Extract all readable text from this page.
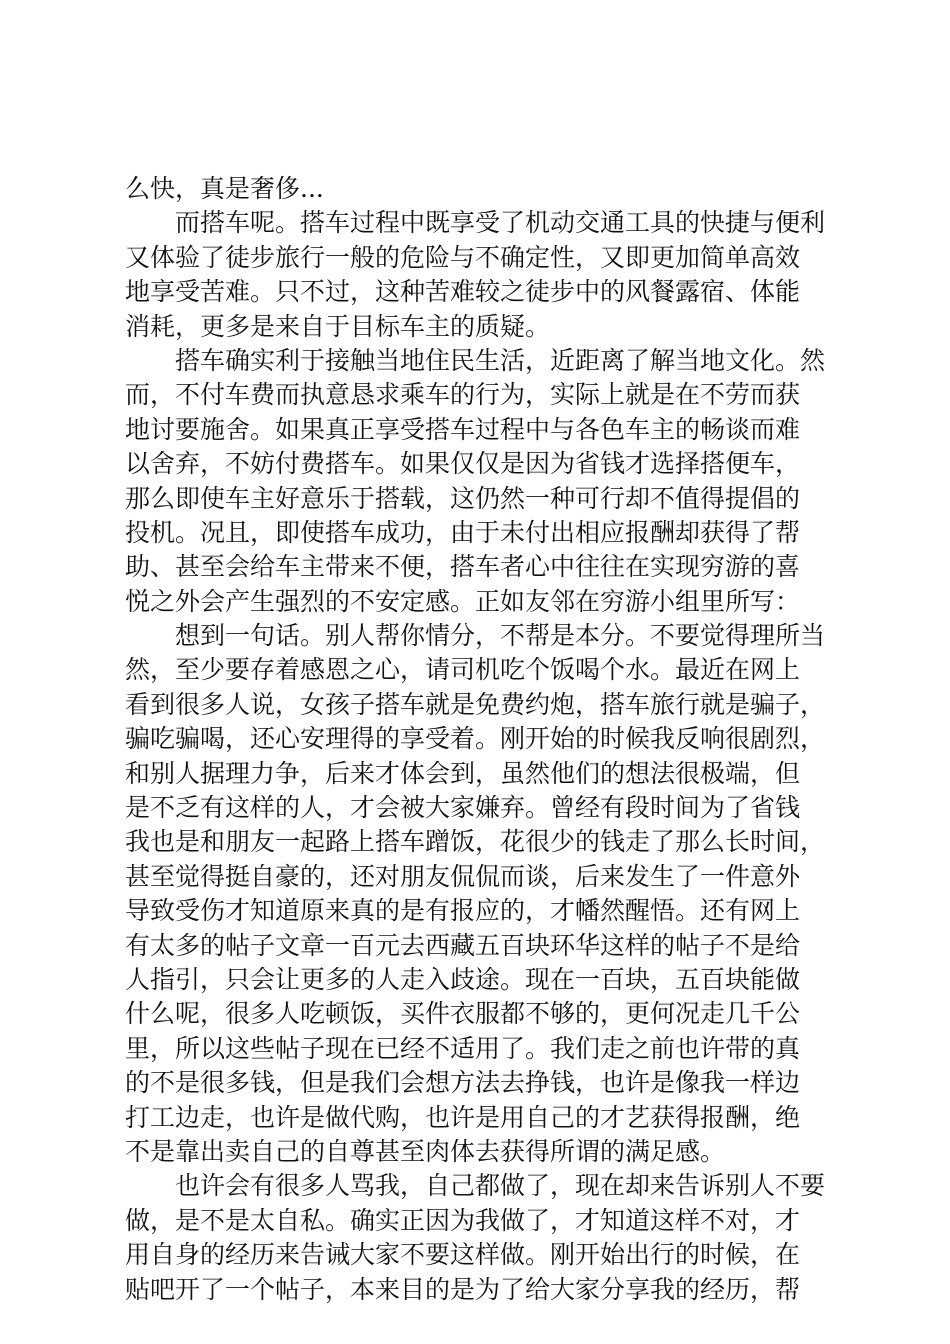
么快，真是奢侈...
　　而搭车呢。搭车过程中既享受了机动交通工具的快捷与便利
又体验了徒步旅行一般的危险与不确定性，又即更加简单高效
地享受苦难。只不过，这种苦难较之徒步中的风餐露宿、体能
消耗，更多是来自于目标车主的质疑。
　　搭车确实利于接触当地住民生活，近距离了解当地文化。然
而，不付车费而执意恳求乘车的行为，实际上就是在不劳而获
地讨要施舍。如果真正享受搭车过程中与各色车主的畅谈而难
以舍弃，不妨付费搭车。如果仅仅是因为省钱才选择搭便车，
那么即使车主好意乐于搭载，这仍然一种可行却不值得提倡的
投机。况且，即使搭车成功，由于未付出相应报酬却获得了帮
助、甚至会给车主带来不便，搭车者心中往往在实现穷游的喜
悦之外会产生强烈的不安定感。正如友邻在穷游小组里所写：
　　想到一句话。别人帮你情分，不帮是本分。不要觉得理所当
然，至少要存着感恩之心，请司机吃个饭喝个水。最近在网上
看到很多人说，女孩子搭车就是免费约炮，搭车旅行就是骗子，
骗吃骗喝，还心安理得的享受着。刚开始的时候我反响很剧烈，
和别人据理力争，后来才体会到，虽然他们的想法很极端，但
是不乏有这样的人，才会被大家嫌弃。曾经有段时间为了省钱
我也是和朋友一起路上搭车蹭饭，花很少的钱走了那么长时间，
甚至觉得挺自豪的，还对朋友侃侃而谈，后来发生了一件意外
导致受伤才知道原来真的是有报应的，才幡然醒悟。还有网上
有太多的帖子文章一百元去西藏五百块环华这样的帖子不是给
人指引，只会让更多的人走入歧途。现在一百块，五百块能做
什么呢，很多人吃顿饭，买件衣服都不够的，更何况走几千公
里，所以这些帖子现在已经不适用了。我们走之前也许带的真
的不是很多钱，但是我们会想方法去挣钱，也许是像我一样边
打工边走，也许是做代购，也许是用自己的才艺获得报酬，绝
不是靠出卖自己的自尊甚至肉体去获得所谓的满足感。
　　也许会有很多人骂我，自己都做了，现在却来告诉别人不要
做，是不是太自私。确实正因为我做了，才知道这样不对，才
用自身的经历来告诫大家不要这样做。刚开始出行的时候，在
贴吧开了一个帖子，本来目的是为了给大家分享我的经历，帮
